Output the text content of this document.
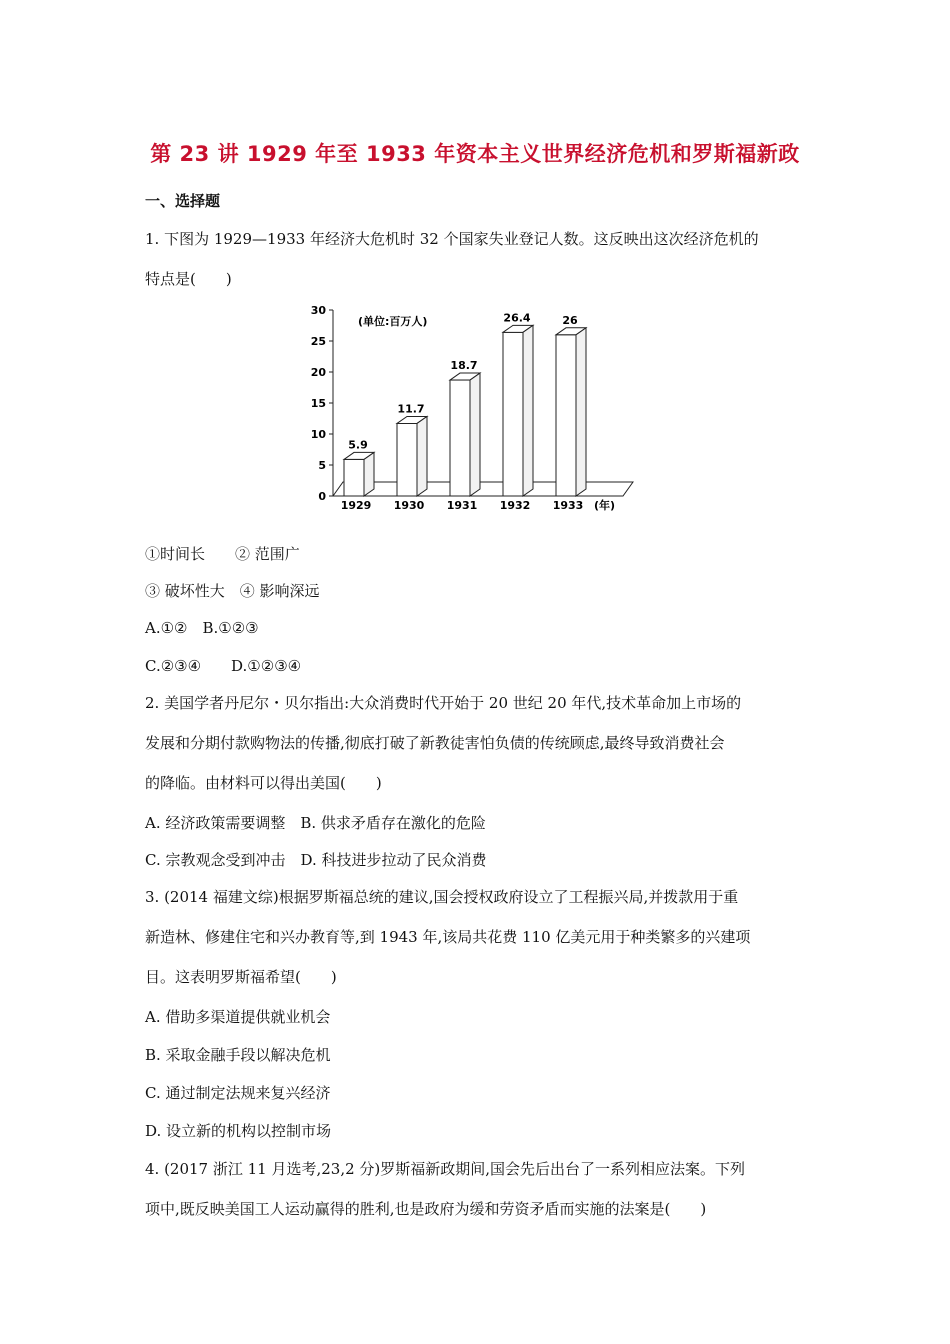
第 23 讲 1929 年至 1933 年资本主义世界经济危机和罗斯福新政
一、选择题
1. 下图为 1929—1933 年经济大危机时 32 个国家失业登记人数。这反映出这次经济危机的
特点是(　　)
0
5
10
15
20
25
30
5.9
1929
11.7
1930
18.7
1931
26.4
1932
26
1933
(单位:百万人)
(年)
①时间长　　② 范围广
③ 破坏性大　④ 影响深远
A.①②　B.①②③
C.②③④　　D.①②③④
2. 美国学者丹尼尔・贝尔指出:大众消费时代开始于 20 世纪 20 年代,技术革命加上市场的
发展和分期付款购物法的传播,彻底打破了新教徒害怕负债的传统顾虑,最终导致消费社会
的降临。由材料可以得出美国(　　)
A. 经济政策需要调整　B. 供求矛盾存在激化的危险
C. 宗教观念受到冲击　D. 科技进步拉动了民众消费
3. (2014 福建文综)根据罗斯福总统的建议,国会授权政府设立了工程振兴局,并拨款用于重
新造林、修建住宅和兴办教育等,到 1943 年,该局共花费 110 亿美元用于种类繁多的兴建项
目。这表明罗斯福希望(　　)
A. 借助多渠道提供就业机会
B. 采取金融手段以解决危机
C. 通过制定法规来复兴经济
D. 设立新的机构以控制市场
4. (2017 浙江 11 月选考,23,2 分)罗斯福新政期间,国会先后出台了一系列相应法案。下列
项中,既反映美国工人运动赢得的胜利,也是政府为缓和劳资矛盾而实施的法案是(　　)
